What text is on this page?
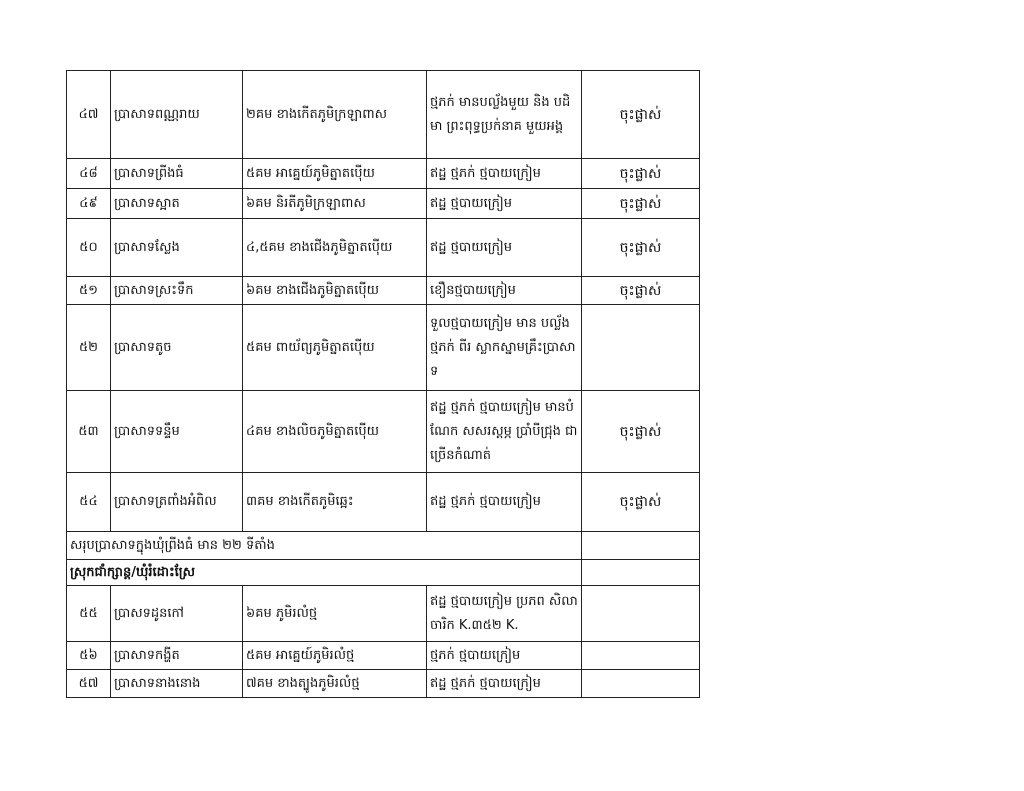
៤៧	ប្រាសាទពណ្ណរាយ	២គម ខាងកើតភូមិក្រឡាពាស	ថ្មភក់ មានបល្ល័ងមួយ និង បដិមា ព្រះពុទ្ធប្រក់នាគ មួយអង្គ	ចុះផ្លាស់
៤៨	ប្រាសាទព្រីងធំ	៥គម អាគ្នេយ៍ភូមិត្នាតប៉ើយ	ឥដ្ឋ ថ្មភក់ ថ្មបាយក្រៀម	ចុះផ្លាស់
៤៩	ប្រាសាទស្អាត	៦គម និរតីភូមិក្រឡាពាស	ឥដ្ឋ ថ្មបាយក្រៀម	ចុះផ្លាស់
៥០	ប្រាសាទស្លែង	៤,៥គម ខាងជើងភូមិត្នាតប៉ើយ	ឥដ្ឋ ថ្មបាយក្រៀម	ចុះផ្លាស់
៥១	ប្រាសាទស្រះទឹក	៦គម ខាងជើងភូមិត្នាតប៉ើយ	ខឿនថ្មបាយក្រៀម	ចុះផ្លាស់
៥២	ប្រាសាទតូច	៥គម ពាយ័ព្យភូមិត្នាតប៉ើយ	ទួលថ្មបាយក្រៀម មាន បល្ល័ងថ្មភក់ ពីរ ស្លាកស្នាមគ្រឹះប្រាសាទ	
៥៣	ប្រាសាទទន្ទឹម	៤គម ខាងលិចភូមិត្នាតប៉ើយ	ឥដ្ឋ ថ្មភក់ ថ្មបាយក្រៀម មានបំណែក សសរស្តម្ភ ប្រាំបីជ្រុង ជាច្រើនកំណាត់	ចុះផ្លាស់
៥៤	ប្រាសាទត្រពាំងអំពិល	៣គម ខាងកើតភូមិឆ្អេះ	ឥដ្ឋ ថ្មភក់ ថ្មបាយក្រៀម	ចុះផ្លាស់
សរុបប្រាសាទក្នុងឃុំព្រីងធំ មាន ២២ ទីតាំង				
ស្រុកជាំក្សាន្ត/ឃុំរំដោះស្រែ				
៥៥	ប្រាសទដូនកៅ	៦គម ភូមិរលំថ្ម	ឥដ្ឋ ថ្មបាយក្រៀម ប្រភព សិលាចារិក K.៣៥២ K.	
៥៦	ប្រាសាទកង្ហីត	៥គម អាគ្នេយ៍ភូមិរលំថ្ម	ថ្មភក់ ថ្មបាយក្រៀម	
៥៧	ប្រាសាទនាងនោង	៧គម ខាងត្បូងភូមិរលំថ្ម	ឥដ្ឋ ថ្មភក់ ថ្មបាយក្រៀម	
